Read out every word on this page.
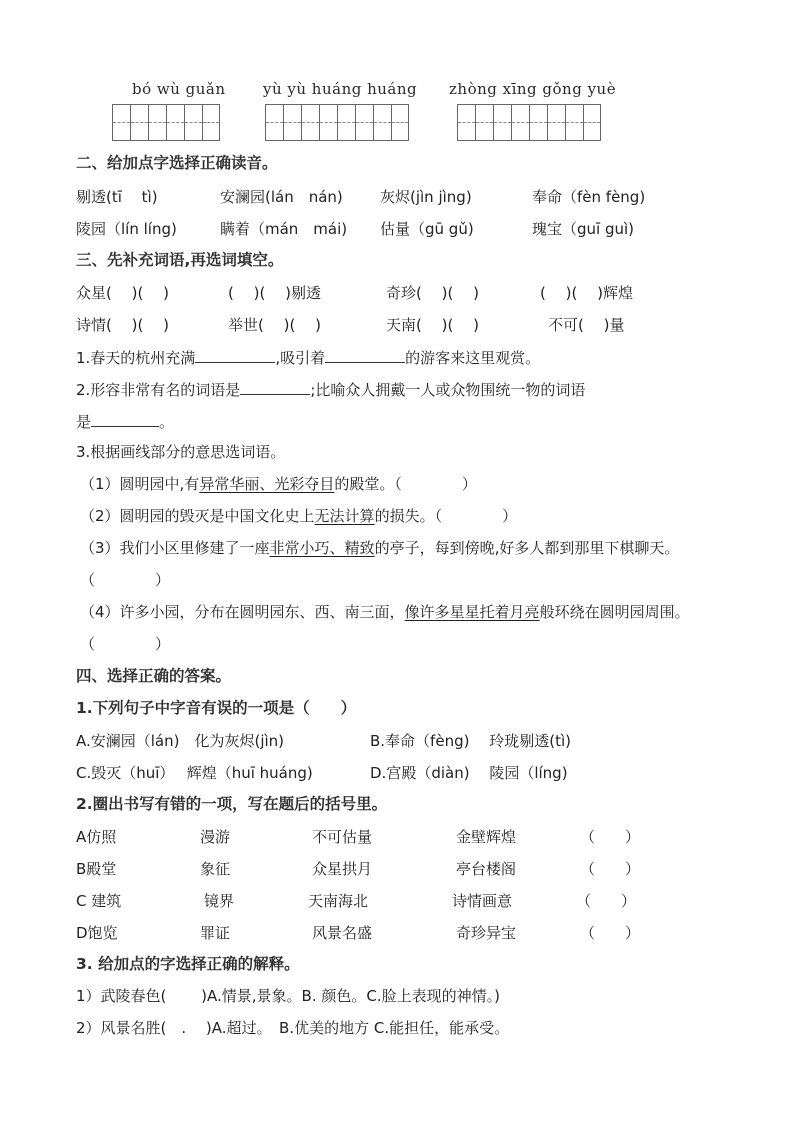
bó wù guǎn yù yù huáng huáng zhòng xīng gǒng yuè
二、给加点字选择正确读音。
剔透(tī　 tì)	安澜园(lán　nán) 灰烬(jìn jìng)	奉命（fèn fèng)
陵园（lín líng)	瞒着（mán　mái) 估量（gū gǔ)	瑰宝（guī guì)
三、先补充词语,再选词填空。
众星(　 )(　 )	(　 )(　 )剔透	奇珍(　 )(　 )	(　 )(　 )辉煌
诗情(　 )(　 )	举世(　 )(　 )	天南(　 )(　 )	不可(　 )量
1.春天的杭州充满	,吸引着	的游客来这里观赏。
2.形容非常有名的词语是	;比喻众人拥戴一人或众物围统一物的词语
是	。
3.根据画线部分的意思选词语。
（1）圆明园中,有异常华丽、光彩夺目的殿堂。（　　　　）
（2）圆明园的毁灭是中国文化史上无法计算的损失。（　　　　）
（3）我们小区里修建了一座非常小巧、精致的亭子，每到傍晚,好多人都到那里下棋聊天。
（　　　　）
（4）许多小园，分布在圆明园东、西、南三面，像许多星星托着月亮般环绕在圆明园周围。
（　　　　）
四、选择正确的答案。
1.下列句子中字音有误的一项是（　　）
A.安澜园（lán)　化为灰烬(jìn)	B.奉命（fèng)　 玲珑剔透(tì)
C.毁灭（huī）　 辉煌（huī huáng)	D.宫殿（diàn)　 陵园（líng)
2.圈出书写有错的一项，写在题后的括号里。
A仿照	漫游	不可估量	金壁辉煌	（　　）
B殿堂	象征	众星拱月	亭台楼阁	（　　）
C 建筑	镜界	天南海北	诗情画意	（　　）
D饱览	罪证	风景名盛	奇珍异宝	（　　）
3. 给加点的字选择正确的解释。
1）武陵春色(　　 )A.情景,景象。B. 颜色。C.脸上表现的神情。)
2）风景名胜(　.　 )A.超过。　B.优美的地方 C.能担任，能承受。
